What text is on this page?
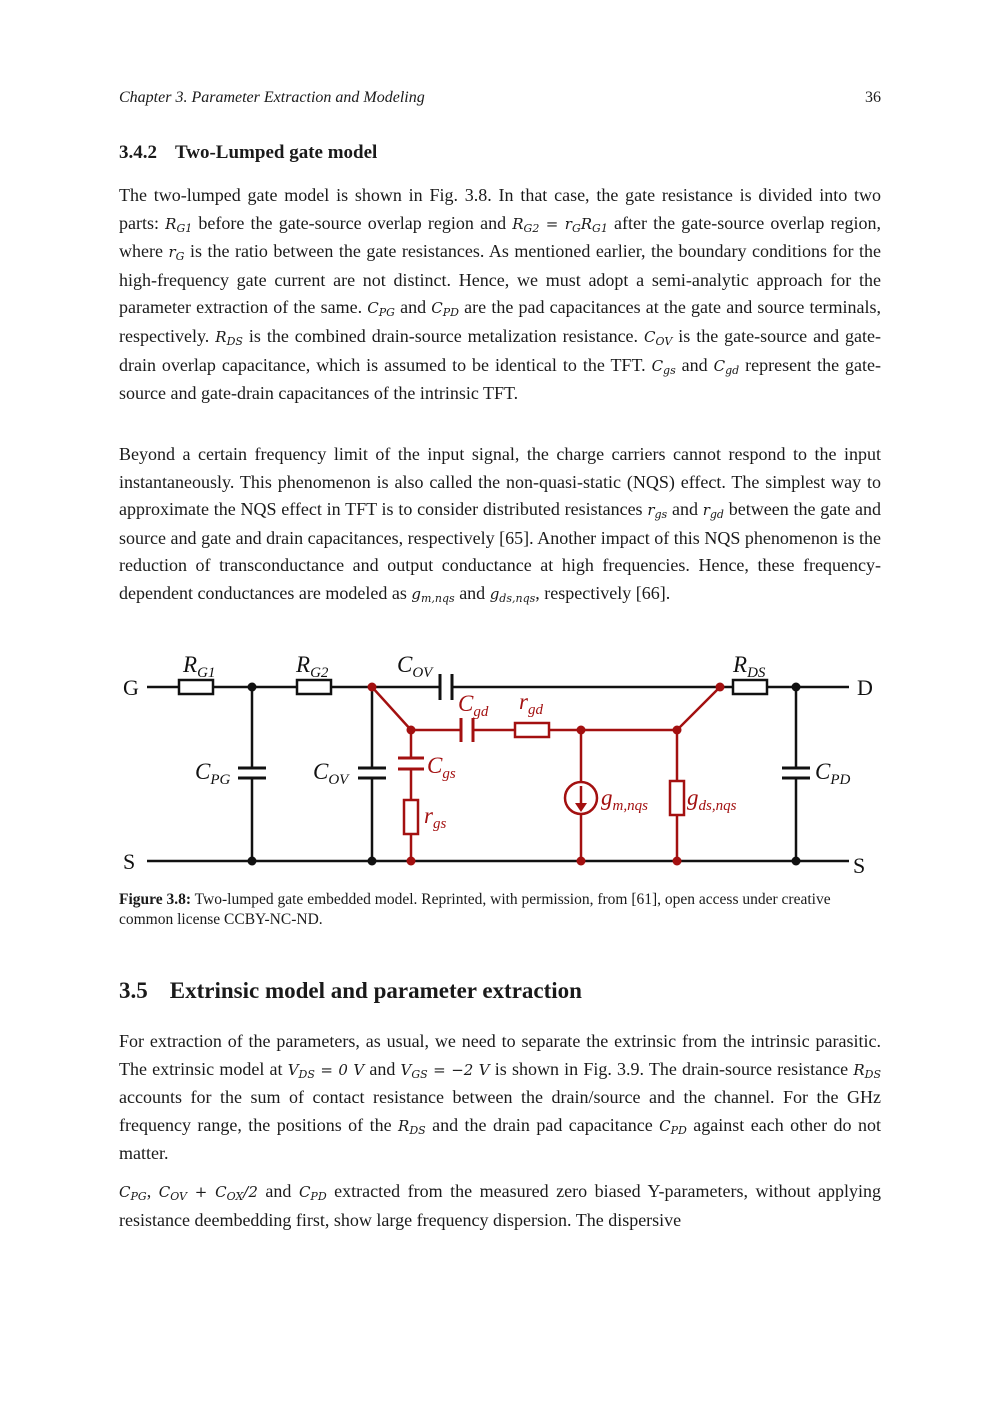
Chapter 3. Parameter Extraction and Modeling	36
3.4.2 Two-Lumped gate model

The two-lumped gate model is shown in Fig. 3.8. In that case, the gate resistance is divided into two parts: $R_{G1}$ before the gate-source overlap region and $R_{G2} = r_GR_{G1}$ after the gate-source overlap region, where $r_G$ is the ratio between the gate resistances. As mentioned earlier, the boundary conditions for the high-frequency gate current are not distinct. Hence, we must adopt a semi-analytic approach for the parameter extraction of the same. $C_{PG}$ and $C_{PD}$ are the pad capacitances at the gate and source terminals, respectively. $R_{DS}$ is the combined drain-source metalization resistance. $C_{OV}$ is the gate-source and gate-drain overlap capacitance, which is assumed to be identical to the TFT. $C_{gs}$ and $C_{gd}$ represent the gate-source and gate-drain capacitances of the intrinsic TFT.

Beyond a certain frequency limit of the input signal, the charge carriers cannot respond to the input instantaneously. This phenomenon is also called the non-quasi-static (NQS) effect. The simplest way to approximate the NQS effect in TFT is to consider distributed resistances $r_{gs}$ and $r_{gd}$ between the gate and source and gate and drain capacitances, respectively [65]. Another impact of this NQS phenomenon is the reduction of transconductance and output conductance at high frequencies. Hence, these frequency-dependent conductances are modeled as $g_{m,nqs}$ and $g_{ds,nqs}$, respectively [66].

G	D
S	S
$R_{G1}$	$R_{G2}$	$C_{OV}$	$R_{DS}$
$C_{PG}$	$C_{OV}$	$C_{PD}$
$C_{gd}$ $r_{gd}$
$C_{gs}$
$r_{gs}$
$g_{m,nqs}$ $g_{ds,nqs}$

Figure 3.8: Two-lumped gate embedded model. Reprinted, with permission, from [61], open access under creative common license CCBY-NC-ND.

3.5 Extrinsic model and parameter extraction

For extraction of the parameters, as usual, we need to separate the extrinsic from the intrinsic parasitic. The extrinsic model at $V_{DS} = 0$ V and $V_{GS} = -2$ V is shown in Fig. 3.9. The drain-source resistance $R_{DS}$ accounts for the sum of contact resistance between the drain/source and the channel. For the GHz frequency range, the positions of the $R_{DS}$ and the drain pad capacitance $C_{PD}$ against each other do not matter.

$C_{PG}$, $C_{OV} + C_{OX}/2$ and $C_{PD}$ extracted from the measured zero biased Y-parameters, without applying resistance deembedding first, show large frequency dispersion. The dispersive
